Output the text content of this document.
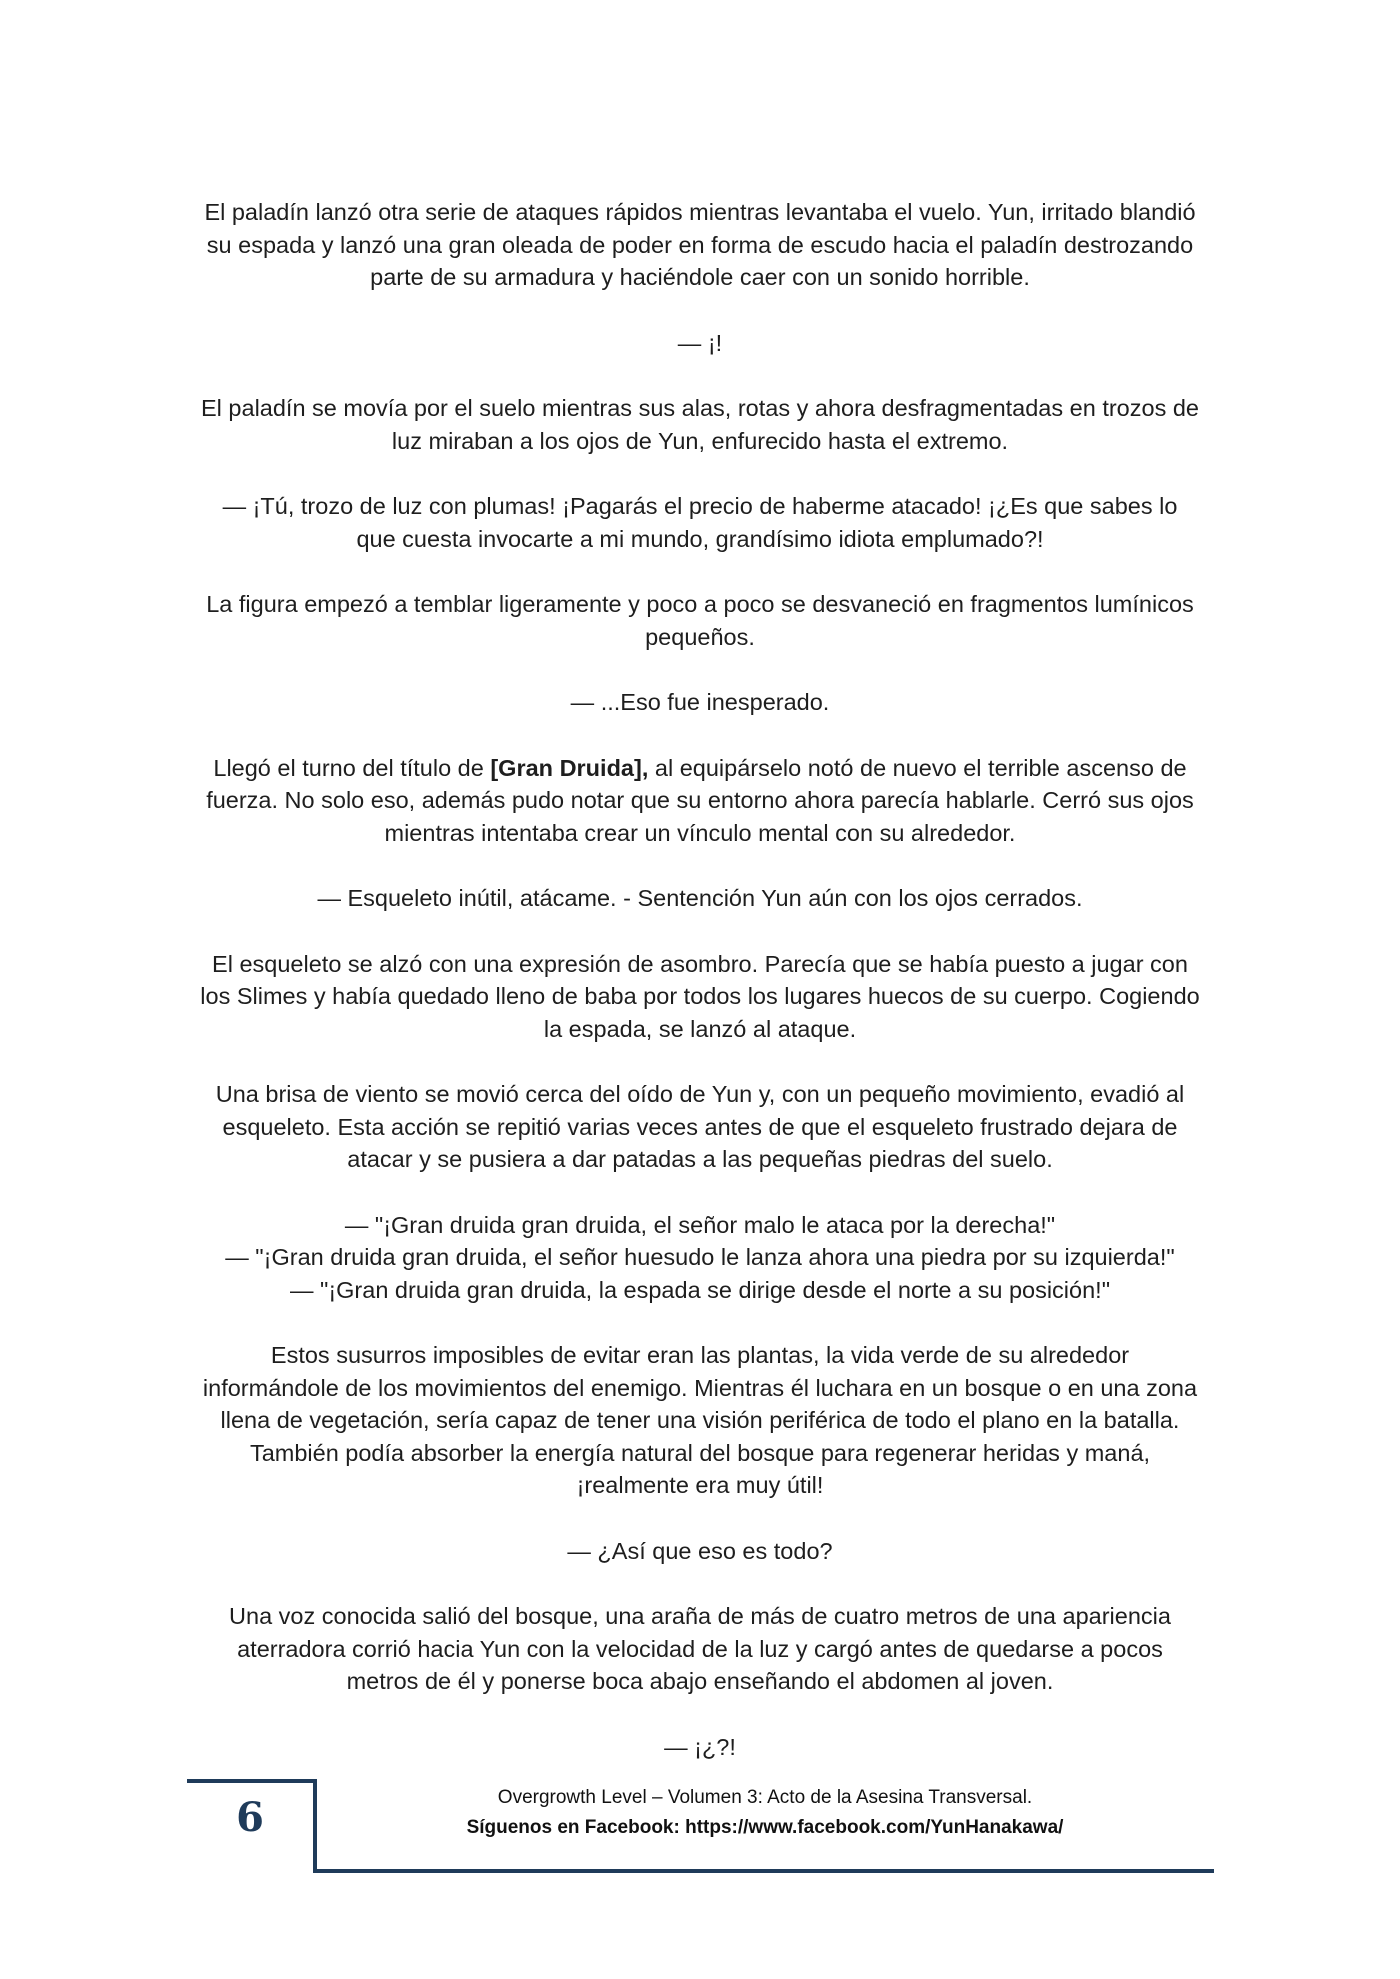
El paladín lanzó otra serie de ataques rápidos mientras levantaba el vuelo. Yun, irritado blandió su espada y lanzó una gran oleada de poder en forma de escudo hacia el paladín destrozando parte de su armadura y haciéndole caer con un sonido horrible.

— ¡!

El paladín se movía por el suelo mientras sus alas, rotas y ahora desfragmentadas en trozos de luz miraban a los ojos de Yun, enfurecido hasta el extremo.

— ¡Tú, trozo de luz con plumas! ¡Pagarás el precio de haberme atacado! ¡¿Es que sabes lo que cuesta invocarte a mi mundo, grandísimo idiota emplumado?!

La figura empezó a temblar ligeramente y poco a poco se desvaneció en fragmentos lumínicos pequeños.

— ...Eso fue inesperado.

Llegó el turno del título de [Gran Druida], al equipárselo notó de nuevo el terrible ascenso de fuerza. No solo eso, además pudo notar que su entorno ahora parecía hablarle. Cerró sus ojos mientras intentaba crear un vínculo mental con su alrededor.

— Esqueleto inútil, atácame. - Sentención Yun aún con los ojos cerrados.

El esqueleto se alzó con una expresión de asombro. Parecía que se había puesto a jugar con los Slimes y había quedado lleno de baba por todos los lugares huecos de su cuerpo. Cogiendo la espada, se lanzó al ataque.

Una brisa de viento se movió cerca del oído de Yun y, con un pequeño movimiento, evadió al esqueleto. Esta acción se repitió varias veces antes de que el esqueleto frustrado dejara de atacar y se pusiera a dar patadas a las pequeñas piedras del suelo.

— "¡Gran druida gran druida, el señor malo le ataca por la derecha!"

— "¡Gran druida gran druida, el señor huesudo le lanza ahora una piedra por su izquierda!"

— "¡Gran druida gran druida, la espada se dirige desde el norte a su posición!"

Estos susurros imposibles de evitar eran las plantas, la vida verde de su alrededor informándole de los movimientos del enemigo. Mientras él luchara en un bosque o en una zona llena de vegetación, sería capaz de tener una visión periférica de todo el plano en la batalla. También podía absorber la energía natural del bosque para regenerar heridas y maná, ¡realmente era muy útil!

— ¿Así que eso es todo?

Una voz conocida salió del bosque, una araña de más de cuatro metros de una apariencia aterradora corrió hacia Yun con la velocidad de la luz y cargó antes de quedarse a pocos metros de él y ponerse boca abajo enseñando el abdomen al joven.

— ¡¿?!

6	Overgrowth Level – Volumen 3: Acto de la Asesina Transversal.
Síguenos en Facebook: https://www.facebook.com/YunHanakawa/
